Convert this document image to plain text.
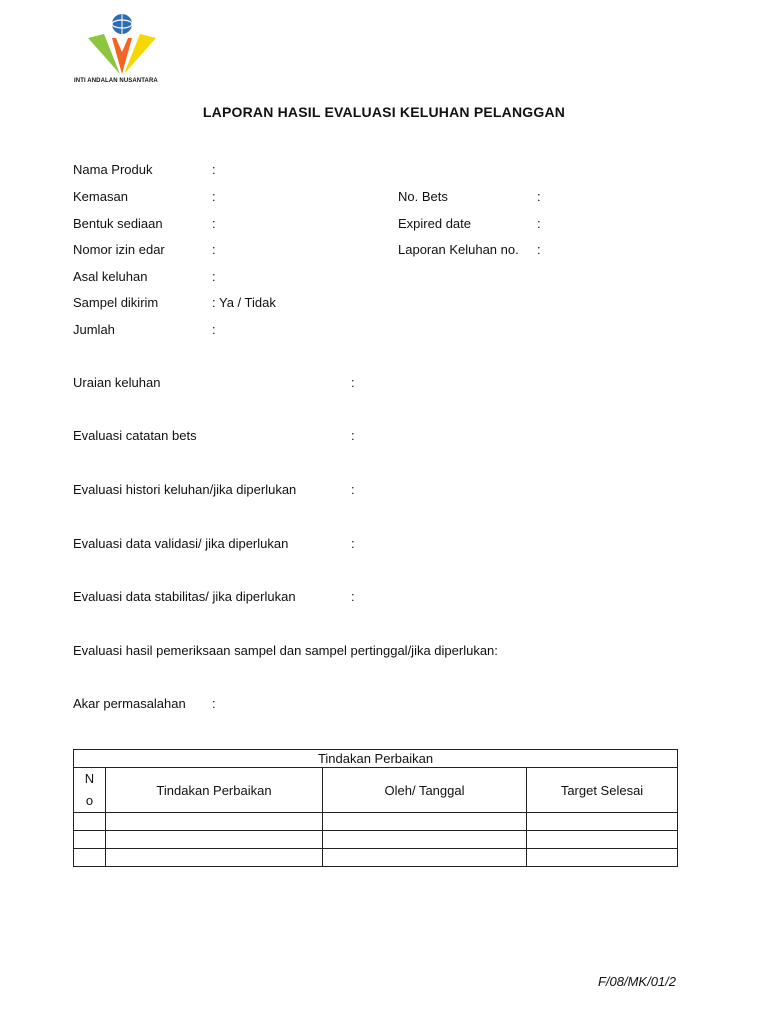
INTI ANDALAN NUSANTARA
LAPORAN HASIL EVALUASI KELUHAN PELANGGAN
Nama Produk	:
Kemasan	:
Bentuk sediaan	:
Nomor izin edar	:
Asal keluhan	:
Sampel dikirim	: Ya / Tidak
Jumlah	:
No. Bets	:
Expired date	:
Laporan Keluhan no. :
Uraian keluhan	:
Evaluasi catatan bets	:
Evaluasi histori keluhan/jika diperlukan	:
Evaluasi data validasi/ jika diperlukan	:
Evaluasi data stabilitas/ jika diperlukan	:
Evaluasi hasil pemeriksaan sampel dan sampel pertinggal/jika diperlukan:
Akar permasalahan :
Tindakan Perbaikan			
N
o	Tindakan Perbaikan	Oleh/ Tanggal	Target Selesai

F/08/MK/01/2
